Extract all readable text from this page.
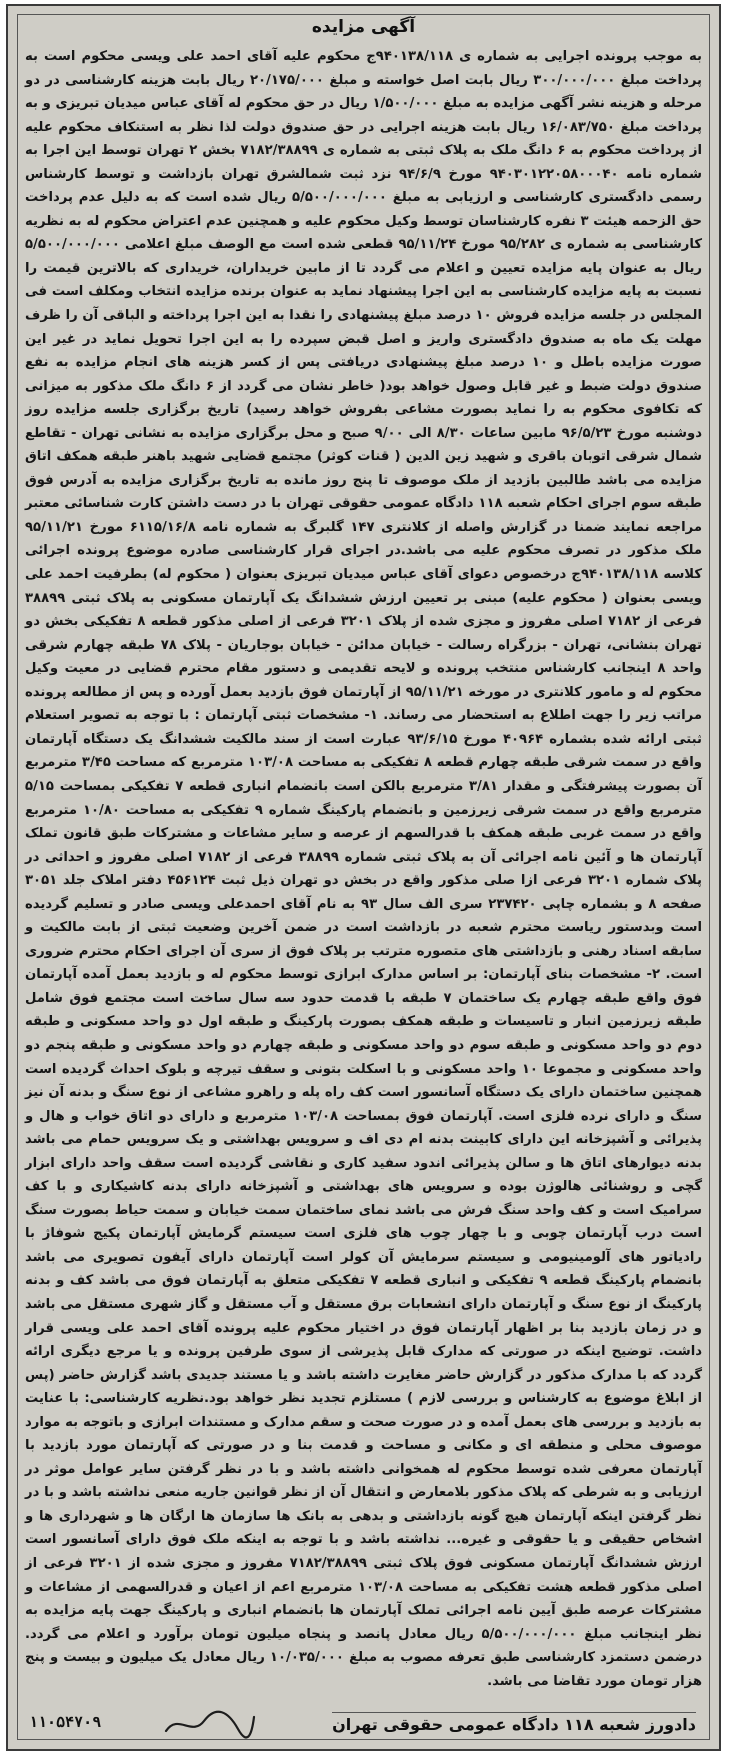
آگهی مزایده
به موجب پرونده اجرایی به شماره ی ۹۴۰۱۳۸/۱۱۸ج محکوم علیه آقای احمد علی ویسی محکوم است به پرداخت مبلغ ۳۰۰/۰۰۰/۰۰۰ ریال بابت اصل خواسته و مبلغ ۲۰/۱۷۵/۰۰۰ ریال بابت هزینه کارشناسی در دو مرحله و هزینه نشر آگهی مزایده به مبلغ ۱/۵۰۰/۰۰۰ ریال در حق محکوم له آقای عباس میدیان تبریزی و به پرداخت مبلغ ۱۶/۰۸۳/۷۵۰ ریال بابت هزینه اجرایی در حق صندوق دولت لذا نظر به استنکاف محکوم علیه از پرداخت محکوم به ۶ دانگ ملک به پلاک ثبتی به شماره ی ۷۱۸۲/۳۸۸۹۹ بخش ۲ تهران توسط این اجرا به شماره نامه ۹۴۰۳۰۱۲۲۰۵۸۰۰۰۴۰ مورخ ۹۴/۶/۹ نزد ثبت شمالشرق تهران بازداشت و توسط کارشناس رسمی دادگستری کارشناسی و ارزیابی به مبلغ ۵/۵۰۰/۰۰۰/۰۰۰ ریال شده است که به دلیل عدم پرداخت حق الزحمه هیئت ۳ نفره کارشناسان توسط وکیل محکوم علیه و همچنین عدم اعتراض محکوم له به نظریه کارشناسی به شماره ی ۹۵/۲۸۲ مورخ ۹۵/۱۱/۲۴ قطعی شده است مع الوصف مبلغ اعلامی ۵/۵۰۰/۰۰۰/۰۰۰ ریال به عنوان پایه مزایده تعیین و اعلام می گردد تا از مابین خریداران، خریداری که بالاترین قیمت را نسبت به پایه مزایده کارشناسی به این اجرا پیشنهاد نماید به عنوان برنده مزایده انتخاب ومکلف است فی المجلس در جلسه مزایده فروش ۱۰ درصد مبلغ پیشنهادی را نقدا به این اجرا پرداخته و الباقی آن را ظرف مهلت یک ماه به صندوق دادگستری واریز و اصل قبض سپرده را به این اجرا تحویل نماید در غیر این صورت مزایده باطل و ۱۰ درصد مبلغ پیشنهادی دریافتی پس از کسر هزینه های انجام مزایده به نفع صندوق دولت ضبط و غیر قابل وصول خواهد بود( خاطر نشان می گردد از ۶ دانگ ملک مذکور به میزانی که تکافوی محکوم به را نماید بصورت مشاعی بفروش خواهد رسید) تاریخ برگزاری جلسه مزایده روز دوشنبه مورخ ۹۶/۵/۲۳ مابین ساعات ۸/۳۰ الی ۹/۰۰ صبح و محل برگزاری مزایده به نشانی تهران - تقاطع شمال شرقی اتوبان باقری و شهید زین الدین ( قنات کوثر) مجتمع قضایی شهید باهنر طبقه همکف اتاق مزایده می باشد طالبین بازدید از ملک موصوف تا پنج روز مانده به تاریخ برگزاری مزایده به آدرس فوق طبقه سوم اجرای احکام شعبه ۱۱۸ دادگاه عمومی حقوقی تهران با در دست داشتن کارت شناسائی معتبر مراجعه نمایند ضمنا در گزارش واصله از کلانتری ۱۴۷ گلبرگ به شماره نامه ۶۱۱۵/۱۶/۸ مورخ ۹۵/۱۱/۲۱ ملک مذکور در تصرف محکوم علیه می باشد.در اجرای قرار کارشناسی صادره موضوع پرونده اجرائی کلاسه ۹۴۰۱۳۸/۱۱۸ج درخصوص دعوای آقای عباس میدیان تبریزی بعنوان ( محکوم له) بطرفیت احمد علی ویسی بعنوان ( محکوم علیه) مبنی بر تعیین ارزش ششدانگ یک آپارتمان مسکونی به پلاک ثبتی ۳۸۸۹۹ فرعی از ۷۱۸۲ اصلی مفروز و مجزی شده از پلاک ۳۲۰۱ فرعی از اصلی مذکور قطعه ۸ تفکیکی بخش دو تهران بنشانی، تهران - بزرگراه رسالت - خیابان مدائن - خیابان بوجاریان - پلاک ۷۸ طبقه چهارم شرقی واحد ۸ اینجانب کارشناس منتخب پرونده و لایحه تقدیمی و دستور مقام محترم قضایی در معیت وکیل محکوم له و مامور کلانتری در مورخه ۹۵/۱۱/۲۱ از آپارتمان فوق بازدید بعمل آورده و پس از مطالعه پرونده مراتب زیر را جهت اطلاع به استحضار می رساند. ۱- مشخصات ثبتی آپارتمان : با توجه به تصویر استعلام ثبتی ارائه شده بشماره ۴۰۹۶۴ مورخ ۹۳/۶/۱۵ عبارت است از سند مالکیت ششدانگ یک دستگاه آپارتمان واقع در سمت شرقی طبقه چهارم قطعه ۸ تفکیکی به مساحت ۱۰۳/۰۸ مترمربع که مساحت ۳/۴۵ مترمربع آن بصورت پیشرفتگی و مقدار ۳/۸۱ مترمربع بالکن است بانضمام انباری قطعه ۷ تفکیکی بمساحت ۵/۱۵ مترمربع واقع در سمت شرقی زیرزمین و بانضمام پارکینگ شماره ۹ تفکیکی به مساحت ۱۰/۸۰ مترمربع واقع در سمت غربی طبقه همکف با قدرالسهم از عرصه و سایر مشاعات و مشترکات طبق قانون تملک آپارتمان ها و آئین نامه اجرائی آن به پلاک ثبتی شماره ۳۸۸۹۹ فرعی از ۷۱۸۲ اصلی مفروز و احداثی در پلاک شماره ۳۲۰۱ فرعی ازا صلی مذکور واقع در بخش دو تهران ذیل ثبت ۴۵۶۱۲۴ دفتر املاک جلد ۳۰۵۱ صفحه ۸ و بشماره چاپی ۲۳۷۴۲۰ سری الف سال ۹۳ به نام آقای احمدعلی ویسی صادر و تسلیم گردیده است وبدستور ریاست محترم شعبه در بازداشت است در ضمن آخرین وضعیت ثبتی از بابت مالکیت و سابقه اسناد رهنی و بازداشتی های متصوره مترتب بر پلاک فوق از سری آن اجرای احکام محترم ضروری است. ۲- مشخصات بنای آپارتمان: بر اساس مدارک ابرازی توسط محکوم له و بازدید بعمل آمده آپارتمان فوق واقع طبقه چهارم یک ساختمان ۷ طبقه با قدمت حدود سه سال ساخت است مجتمع فوق شامل طبقه زیرزمین انبار و تاسیسات و طبقه همکف بصورت پارکینگ و طبقه اول دو واحد مسکونی و طبقه دوم دو واحد مسکونی و طبقه سوم دو واحد مسکونی و طبقه چهارم دو واحد مسکونی و طبقه پنجم دو واحد مسکونی و مجموعا ۱۰ واحد مسکونی و با اسکلت بتونی و سقف تیرچه و بلوک احداث گردیده است همچنین ساختمان دارای یک دستگاه آسانسور است کف راه پله و راهرو مشاعی از نوع سنگ و بدنه آن نیز سنگ و دارای نرده فلزی است. آپارتمان فوق بمساحت ۱۰۳/۰۸ مترمربع و دارای دو اتاق خواب و هال و پذیرائی و آشپزخانه این دارای کابینت بدنه ام دی اف و سرویس بهداشتی و یک سرویس حمام می باشد بدنه دیوارهای اتاق ها و سالن پذیرائی اندود سفید کاری و نقاشی گردیده است سقف واحد دارای ابزار گچی و روشنائی هالوژن بوده و سرویس های بهداشتی و آشپزخانه دارای بدنه کاشیکاری و با کف سرامیک است و کف واحد سنگ فرش می باشد نمای ساختمان سمت خیابان و سمت حیاط بصورت سنگ است درب آپارتمان چوبی و با چهار چوب های فلزی است سیستم گرمایش آپارتمان پکیج شوفاژ با رادیاتور های آلومینیومی و سیستم سرمایش آن کولر است آپارتمان دارای آیفون تصویری می باشد بانضمام پارکینگ قطعه ۹ تفکیکی و انباری قطعه ۷ تفکیکی متعلق به آپارتمان فوق می باشد کف و بدنه پارکینگ از نوع سنگ و آپارتمان دارای انشعابات برق مستقل و آب مستقل و گاز شهری مستقل می باشد و در زمان بازدید بنا بر اظهار آپارتمان فوق در اختیار محکوم علیه پرونده آقای احمد علی ویسی قرار داشت. توضیح اینکه در صورتی که مدارک قابل پذیرشی از سوی طرفین پرونده و یا مرجع دیگری ارائه گردد که با مدارک مذکور در گزارش حاضر مغایرت داشته باشد و یا مستند جدیدی باشد گزارش حاضر (پس از ابلاغ موضوع به کارشناس و بررسی لازم ) مستلزم تجدید نظر خواهد بود.نظریه کارشناسی: با عنایت به بازدید و بررسی های بعمل آمده و در صورت صحت و سقم مدارک و مستندات ابرازی و باتوجه به موارد موصوف محلی و منطقه ای و مکانی و مساحت و قدمت بنا و در صورتی که آپارتمان مورد بازدید با آپارتمان معرفی شده توسط محکوم له همخوانی داشته باشد و با در نظر گرفتن سایر عوامل موثر در ارزیابی و به شرطی که پلاک مذکور بلامعارض و انتقال آن از نظر قوانین جاریه منعی نداشته باشد و با در نظر گرفتن اینکه آپارتمان هیچ گونه بازداشتی و بدهی به بانک ها سازمان ها ارگان ها و شهرداری ها و اشخاص حقیقی و یا حقوقی و غیره... نداشته باشد و با توجه به اینکه ملک فوق دارای آسانسور است ارزش ششدانگ آپارتمان مسکونی فوق پلاک ثبتی ۷۱۸۲/۳۸۸۹۹ مفروز و مجزی شده از ۳۲۰۱ فرعی از اصلی مذکور قطعه هشت تفکیکی به مساحت ۱۰۳/۰۸ مترمربع اعم از اعیان و قدرالسهمی از مشاعات و مشترکات عرصه طبق آیین نامه اجرائی تملک آپارتمان ها بانضمام انباری و پارکینگ جهت پایه مزایده به نظر اینجانب مبلغ ۵/۵۰۰/۰۰۰/۰۰۰ ریال معادل پانصد و پنجاه میلیون تومان برآورد و اعلام می گردد. درضمن دستمزد کارشناسی طبق تعرفه مصوب به مبلغ ۱۰/۰۳۵/۰۰۰ ریال معادل یک میلیون و بیست و پنج هزار تومان مورد تقاضا می باشد.
دادورز شعبه ۱۱۸ دادگاه عمومی حقوقی تهران
۱۱۰۵۴۷۰۹
